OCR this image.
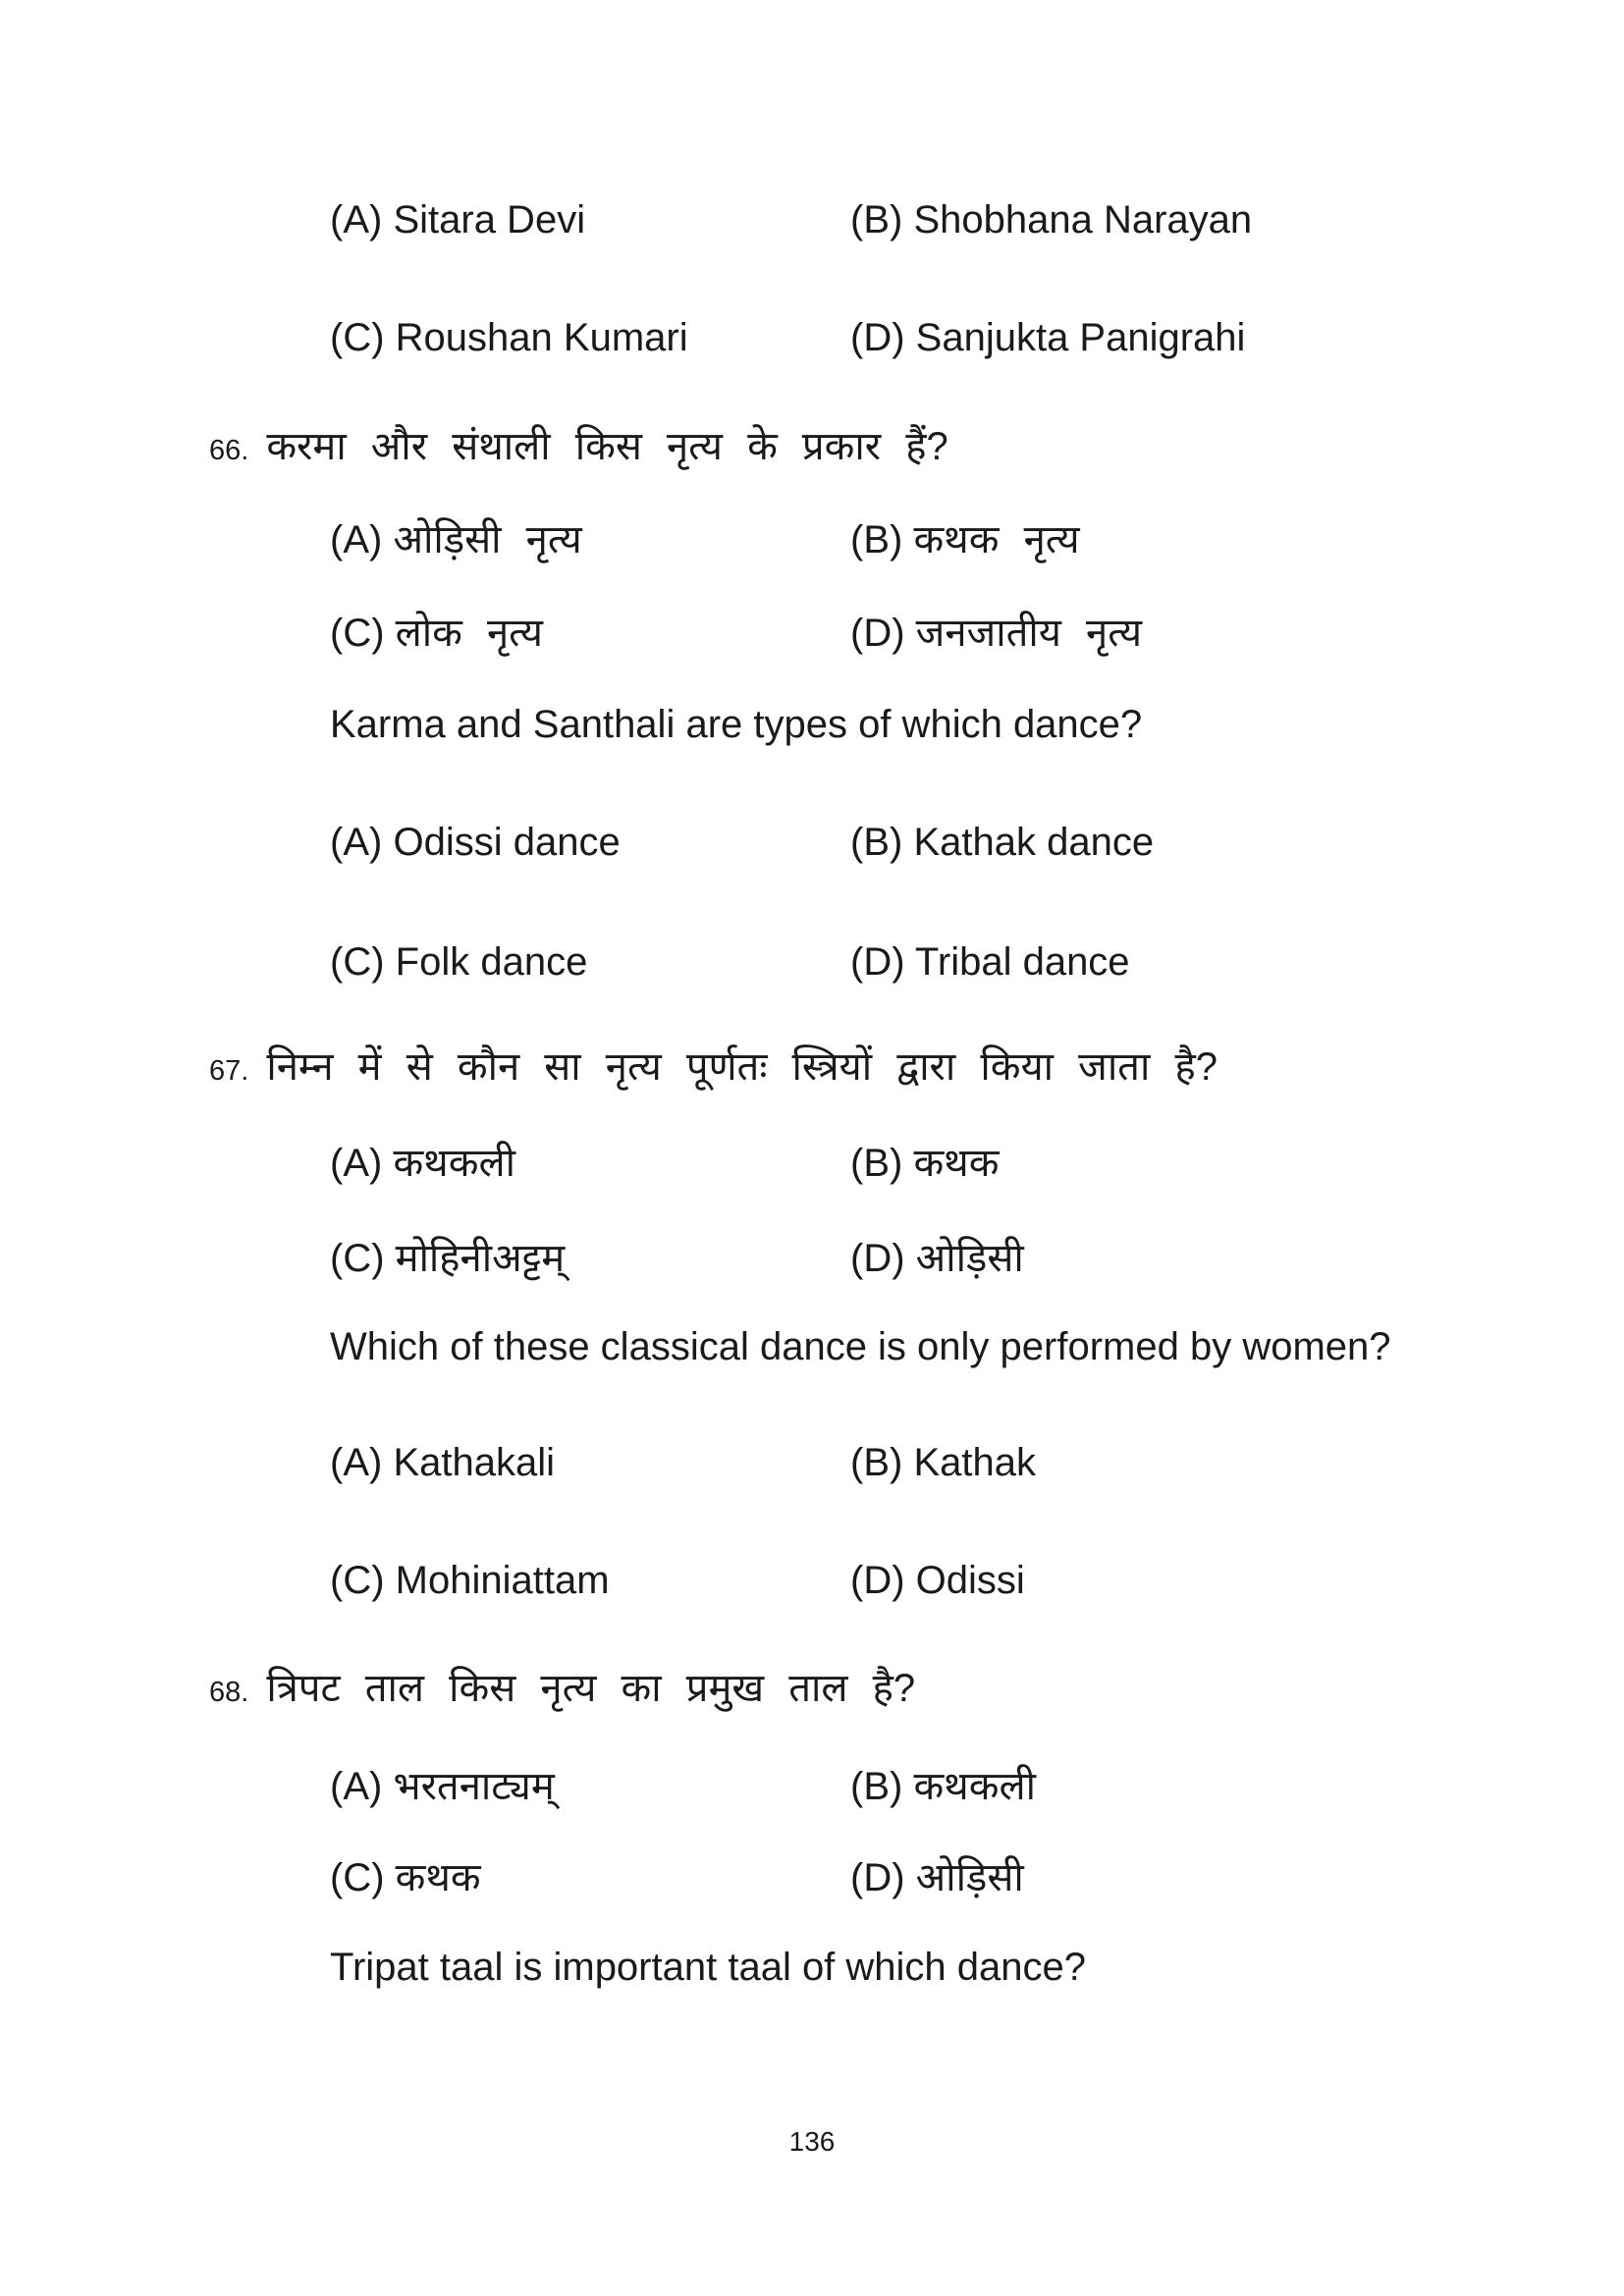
(A) Sitara Devi	(B) Shobhana Narayan
(C) Roushan Kumari	(D) Sanjukta Panigrahi
66. करमा और संथाली किस नृत्य के प्रकार हैं?
(A) ओड़िसी नृत्य	(B) कथक नृत्य
(C) लोक नृत्य	(D) जनजातीय नृत्य
Karma and Santhali are types of which dance?
(A) Odissi dance	(B) Kathak dance
(C) Folk dance	(D) Tribal dance
67. निम्न में से कौन सा नृत्य पूर्णतः स्त्रियों द्वारा किया जाता है?
(A) कथकली	(B) कथक
(C) मोहिनीअट्टम्	(D) ओड़िसी
Which of these classical dance is only performed by women?
(A) Kathakali	(B) Kathak
(C) Mohiniattam	(D) Odissi
68. त्रिपट ताल किस नृत्य का प्रमुख ताल है?
(A) भरतनाट्यम्	(B) कथकली
(C) कथक	(D) ओड़िसी
Tripat taal is important taal of which dance?
136
